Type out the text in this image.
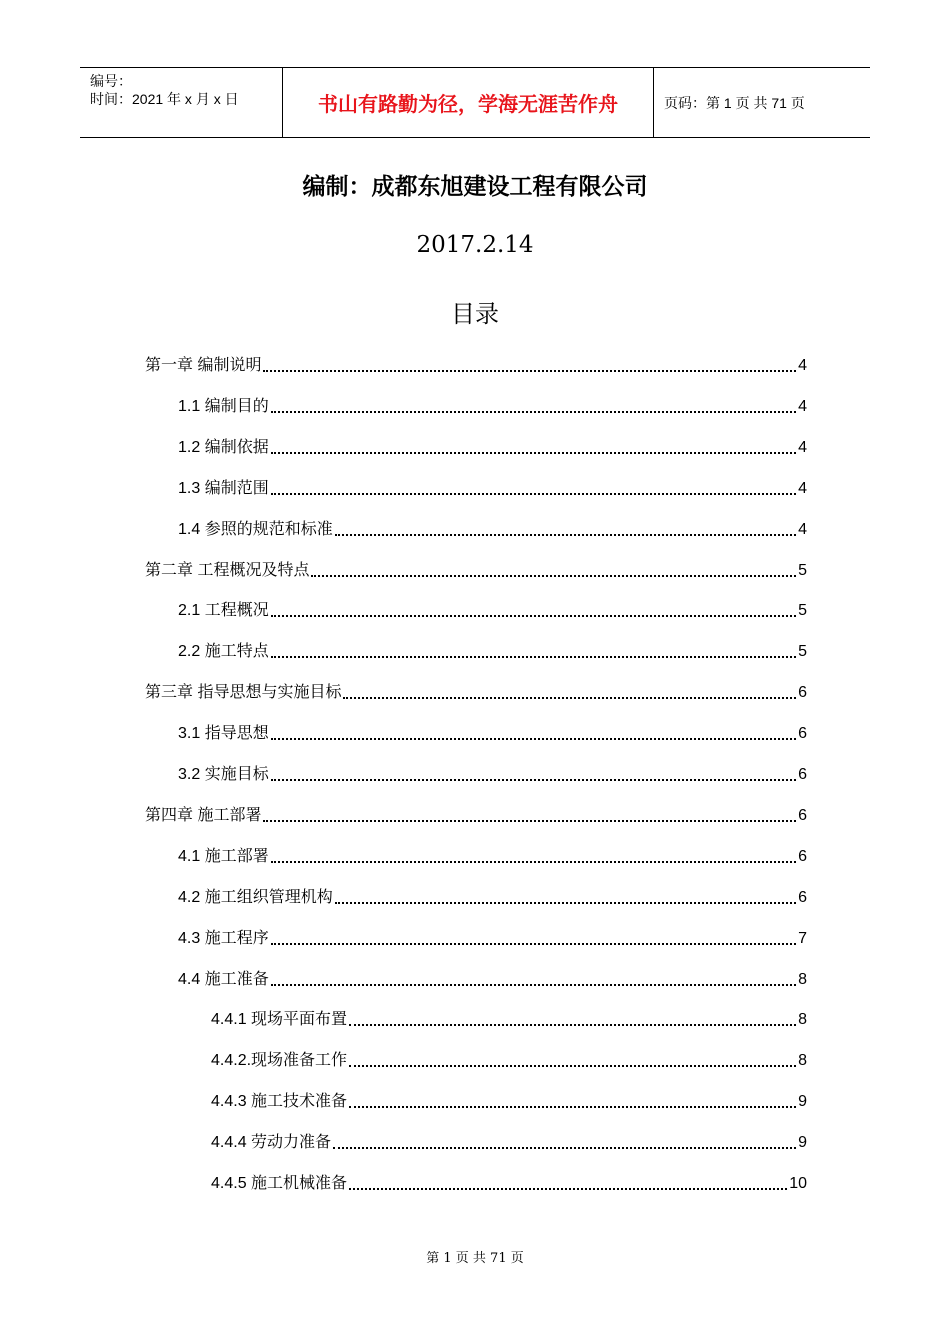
编号：
时间：2021 年 x 月 x 日	书山有路勤为径，学海无涯苦作舟	页码：第 1 页 共 71 页
编制：成都东旭建设工程有限公司
2017.2.14
目录
第一章 编制说明	4
1.1 编制目的	4
1.2 编制依据	4
1.3 编制范围	4
1.4 参照的规范和标准	4
第二章 工程概况及特点	5
2.1 工程概况	5
2.2 施工特点	5
第三章 指导思想与实施目标	6
3.1 指导思想	6
3.2 实施目标	6
第四章 施工部署	6
4.1 施工部署	6
4.2 施工组织管理机构	6
4.3 施工程序	7
4.4 施工准备	8
4.4.1 现场平面布置	8
4.4.2.现场准备工作	8
4.4.3 施工技术准备	9
4.4.4 劳动力准备	9
4.4.5 施工机械准备	10
第 1 页 共 71 页
